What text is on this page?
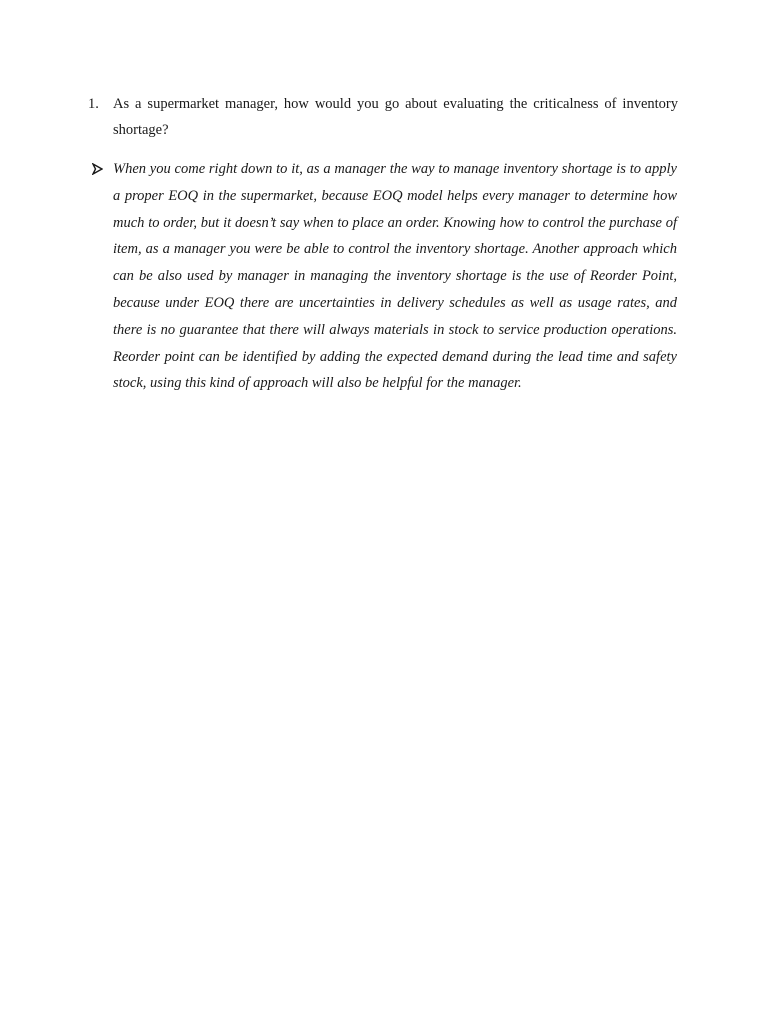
1. As a supermarket manager, how would you go about evaluating the criticalness of inventory shortage?

When you come right down to it, as a manager the way to manage inventory shortage is to apply a proper EOQ in the supermarket, because EOQ model helps every manager to determine how much to order, but it doesn’t say when to place an order. Knowing how to control the purchase of item, as a manager you were be able to control the inventory shortage. Another approach which can be also used by manager in managing the inventory shortage is the use of Reorder Point, because under EOQ there are uncertainties in delivery schedules as well as usage rates, and there is no guarantee that there will always materials in stock to service production operations. Reorder point can be identified by adding the expected demand during the lead time and safety stock, using this kind of approach will also be helpful for the manager.
